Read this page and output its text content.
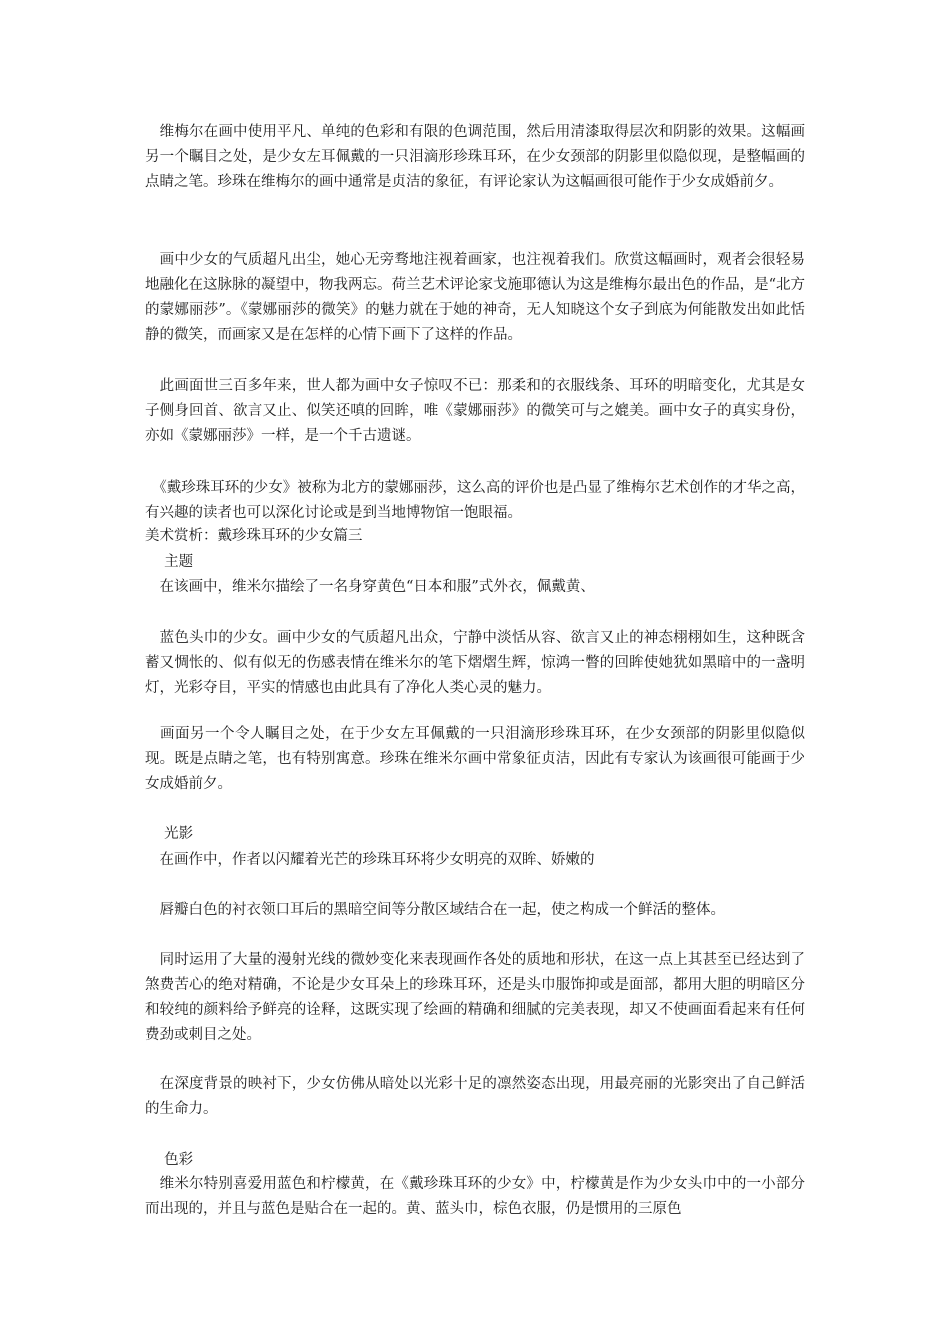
　维梅尔在画中使用平凡、单纯的色彩和有限的色调范围，然后用清漆取得层次和阴影的效果。这幅画另一个瞩目之处，是少女左耳佩戴的一只泪滴形珍珠耳环，在少女颈部的阴影里似隐似现，是整幅画的点睛之笔。珍珠在维梅尔的画中通常是贞洁的象征，有评论家认为这幅画很可能作于少女成婚前夕。

　画中少女的气质超凡出尘，她心无旁骛地注视着画家，也注视着我们。欣赏这幅画时，观者会很轻易地融化在这脉脉的凝望中，物我两忘。荷兰艺术评论家戈施耶德认为这是维梅尔最出色的作品，是“北方的蒙娜丽莎”。《蒙娜丽莎的微笑》的魅力就在于她的神奇，无人知晓这个女子到底为何能散发出如此恬静的微笑，而画家又是在怎样的心情下画下了这样的作品。

　此画面世三百多年来，世人都为画中女子惊叹不已：那柔和的衣服线条、耳环的明暗变化，尤其是女子侧身回首、欲言又止、似笑还嗔的回眸，唯《蒙娜丽莎》的微笑可与之媲美。画中女子的真实身份，亦如《蒙娜丽莎》一样，是一个千古遗谜。

　《戴珍珠耳环的少女》被称为北方的蒙娜丽莎，这么高的评价也是凸显了维梅尔艺术创作的才华之高，有兴趣的读者也可以深化讨论或是到当地博物馆一饱眼福。

美术赏析：戴珍珠耳环的少女篇三

　 主题

　在该画中，维米尔描绘了一名身穿黄色“日本和服”式外衣，佩戴黄、

　蓝色头巾的少女。画中少女的气质超凡出众，宁静中淡恬从容、欲言又止的神态栩栩如生，这种既含蓄又惆怅的、似有似无的伤感表情在维米尔的笔下熠熠生辉，惊鸿一瞥的回眸使她犹如黑暗中的一盏明灯，光彩夺目，平实的情感也由此具有了净化人类心灵的魅力。

　画面另一个令人瞩目之处，在于少女左耳佩戴的一只泪滴形珍珠耳环，在少女颈部的阴影里似隐似现。既是点睛之笔，也有特别寓意。珍珠在维米尔画中常象征贞洁，因此有专家认为该画很可能画于少女成婚前夕。

　 光影

　在画作中，作者以闪耀着光芒的珍珠耳环将少女明亮的双眸、娇嫩的

　唇瓣白色的衬衣领口耳后的黑暗空间等分散区域结合在一起，使之构成一个鲜活的整体。

　同时运用了大量的漫射光线的微妙变化来表现画作各处的质地和形状，在这一点上其甚至已经达到了煞费苦心的绝对精确，不论是少女耳朵上的珍珠耳环，还是头巾服饰抑或是面部，都用大胆的明暗区分和较纯的颜料给予鲜亮的诠释，这既实现了绘画的精确和细腻的完美表现，却又不使画面看起来有任何费劲或刺目之处。

　在深度背景的映衬下，少女仿佛从暗处以光彩十足的凛然姿态出现，用最亮丽的光影突出了自己鲜活的生命力。

　 色彩

　维米尔特别喜爱用蓝色和柠檬黄，在《戴珍珠耳环的少女》中，柠檬黄是作为少女头巾中的一小部分而出现的，并且与蓝色是贴合在一起的。黄、蓝头巾，棕色衣服，仍是惯用的三原色
